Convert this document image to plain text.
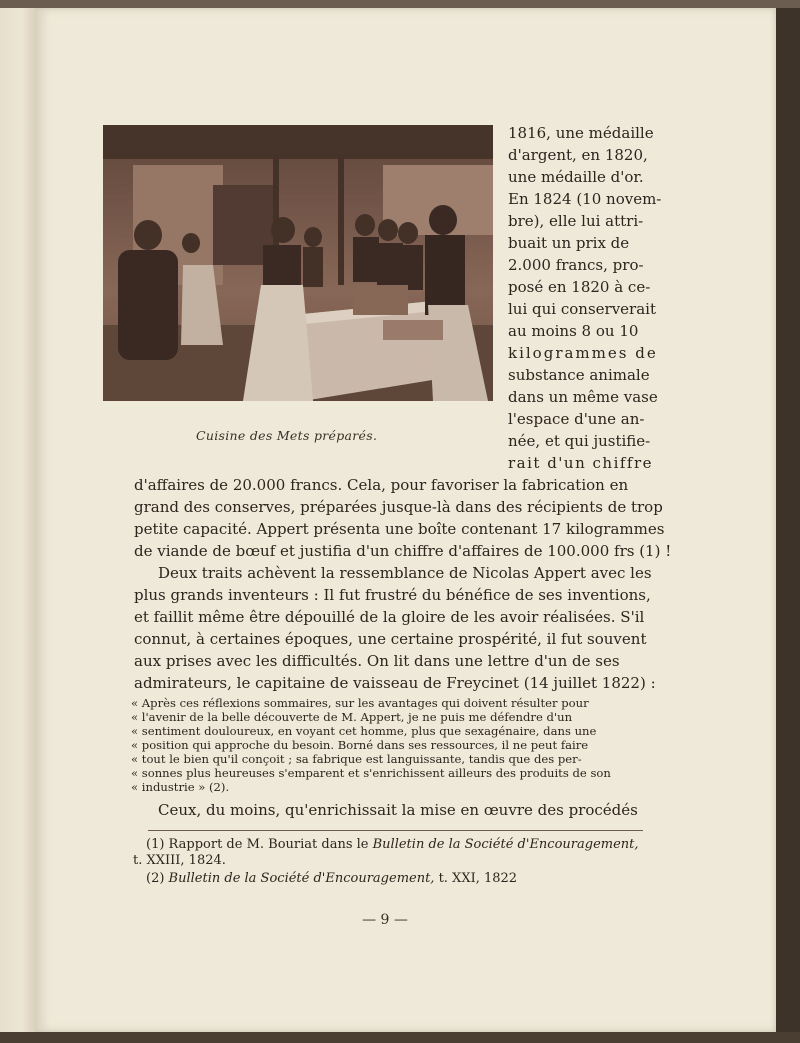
Cuisine des Mets préparés.
1816, une médaille
d'argent, en 1820,
une médaille d'or.
En 1824 (10 novem-
bre), elle lui attri-
buait un prix de
2.000 francs, pro-
posé en 1820 à ce-
lui qui conserverait
au moins 8 ou 10
kilogrammes de
substance animale
dans un même vase
l'espace d'une an-
née, et qui justifie-
rait d'un chiffre
d'affaires de 20.000 francs. Cela, pour favoriser la fabrication en
grand des conserves, préparées jusque-là dans des récipients de trop
petite capacité. Appert présenta une boîte contenant 17 kilogrammes
de viande de bœuf et justifia d'un chiffre d'affaires de 100.000 frs (1) !
Deux traits achèvent la ressemblance de Nicolas Appert avec les
plus grands inventeurs : Il fut frustré du bénéfice de ses inventions,
et faillit même être dépouillé de la gloire de les avoir réalisées. S'il
connut, à certaines époques, une certaine prospérité, il fut souvent
aux prises avec les difficultés. On lit dans une lettre d'un de ses
admirateurs, le capitaine de vaisseau de Freycinet (14 juillet 1822) :
« Après ces réflexions sommaires, sur les avantages qui doivent résulter pour
« l'avenir de la belle découverte de M. Appert, je ne puis me défendre d'un
« sentiment douloureux, en voyant cet homme, plus que sexagénaire, dans une
« position qui approche du besoin. Borné dans ses ressources, il ne peut faire
« tout le bien qu'il conçoit ; sa fabrique est languissante, tandis que des per-
« sonnes plus heureuses s'emparent et s'enrichissent ailleurs des produits de son
« industrie » (2).
Ceux, du moins, qu'enrichissait la mise en œuvre des procédés
(1) Rapport de M. Bouriat dans le Bulletin de la Société d'Encouragement,
t. XXIII, 1824.
(2) Bulletin de la Société d'Encouragement, t. XXI, 1822
— 9 —
